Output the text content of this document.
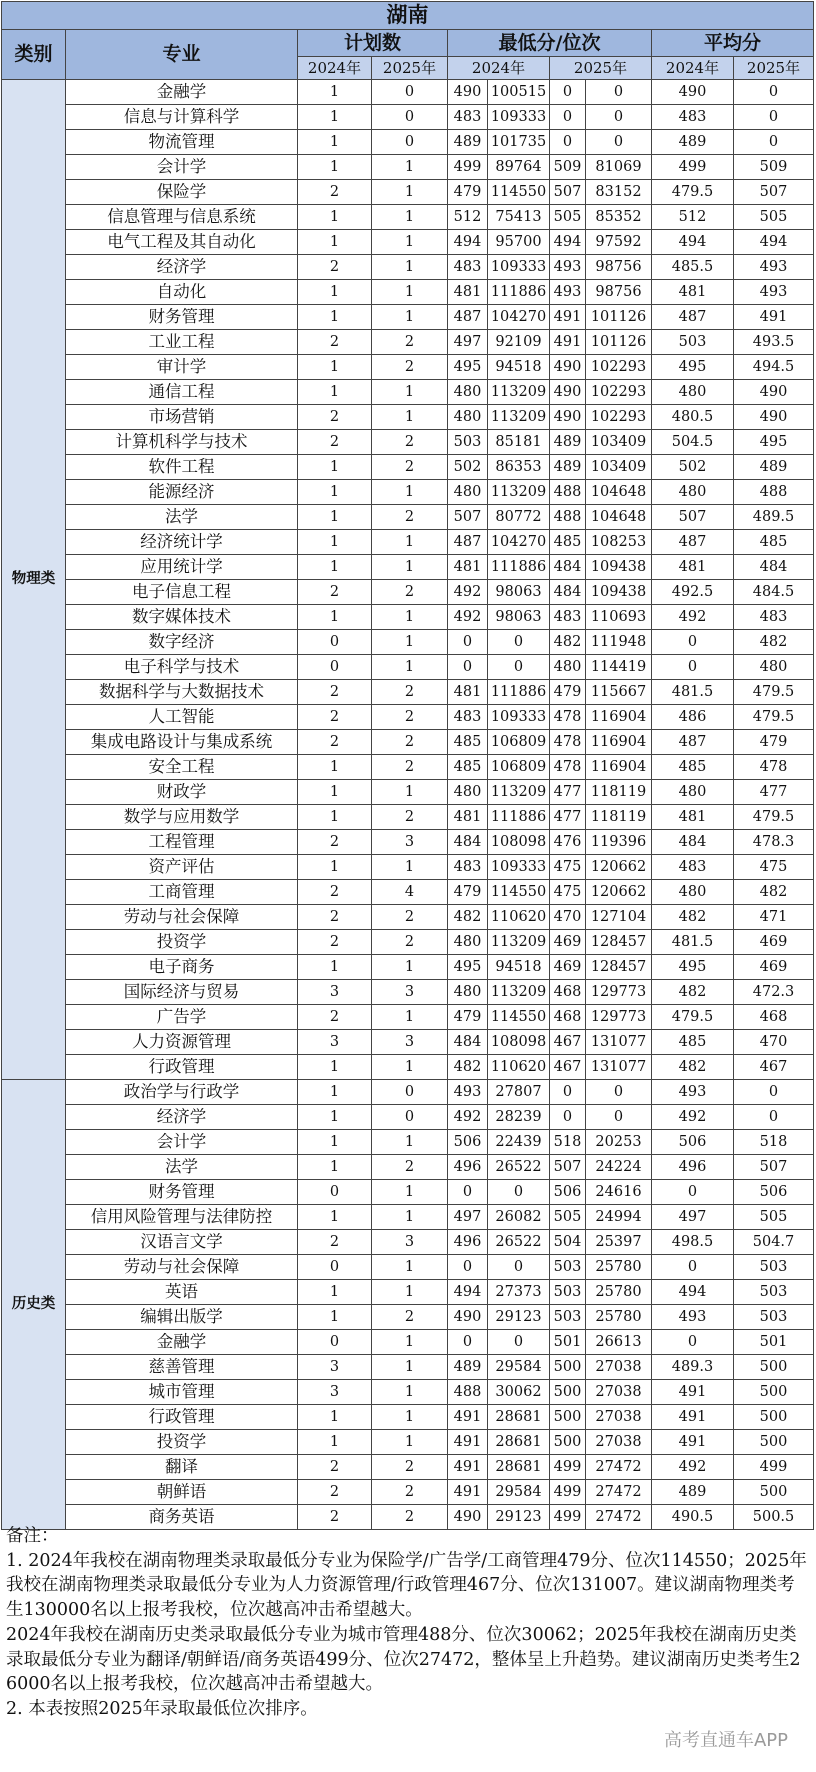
湖南									
类别	专业	计划数		最低分/位次				平均分	
		2024年	2025年	2024年		2025年		2024年	2025年
物理类	金融学	1	0	490	100515	0	0	490	0
	信息与计算科学	1	0	483	109333	0	0	483	0
	物流管理	1	0	489	101735	0	0	489	0
	会计学	1	1	499	89764	509	81069	499	509
	保险学	2	1	479	114550	507	83152	479.5	507
	信息管理与信息系统	1	1	512	75413	505	85352	512	505
	电气工程及其自动化	1	1	494	95700	494	97592	494	494
	经济学	2	1	483	109333	493	98756	485.5	493
	自动化	1	1	481	111886	493	98756	481	493
	财务管理	1	1	487	104270	491	101126	487	491
	工业工程	2	2	497	92109	491	101126	503	493.5
	审计学	1	2	495	94518	490	102293	495	494.5
	通信工程	1	1	480	113209	490	102293	480	490
	市场营销	2	1	480	113209	490	102293	480.5	490
	计算机科学与技术	2	2	503	85181	489	103409	504.5	495
	软件工程	1	2	502	86353	489	103409	502	489
	能源经济	1	1	480	113209	488	104648	480	488
	法学	1	2	507	80772	488	104648	507	489.5
	经济统计学	1	1	487	104270	485	108253	487	485
	应用统计学	1	1	481	111886	484	109438	481	484
	电子信息工程	2	2	492	98063	484	109438	492.5	484.5
	数字媒体技术	1	1	492	98063	483	110693	492	483
	数字经济	0	1	0	0	482	111948	0	482
	电子科学与技术	0	1	0	0	480	114419	0	480
	数据科学与大数据技术	2	2	481	111886	479	115667	481.5	479.5
	人工智能	2	2	483	109333	478	116904	486	479.5
	集成电路设计与集成系统	2	2	485	106809	478	116904	487	479
	安全工程	1	2	485	106809	478	116904	485	478
	财政学	1	1	480	113209	477	118119	480	477
	数学与应用数学	1	2	481	111886	477	118119	481	479.5
	工程管理	2	3	484	108098	476	119396	484	478.3
	资产评估	1	1	483	109333	475	120662	483	475
	工商管理	2	4	479	114550	475	120662	480	482
	劳动与社会保障	2	2	482	110620	470	127104	482	471
	投资学	2	2	480	113209	469	128457	481.5	469
	电子商务	1	1	495	94518	469	128457	495	469
	国际经济与贸易	3	3	480	113209	468	129773	482	472.3
	广告学	2	1	479	114550	468	129773	479.5	468
	人力资源管理	3	3	484	108098	467	131077	485	470
	行政管理	1	1	482	110620	467	131077	482	467
历史类	政治学与行政学	1	0	493	27807	0	0	493	0
	经济学	1	0	492	28239	0	0	492	0
	会计学	1	1	506	22439	518	20253	506	518
	法学	1	2	496	26522	507	24224	496	507
	财务管理	0	1	0	0	506	24616	0	506
	信用风险管理与法律防控	1	1	497	26082	505	24994	497	505
	汉语言文学	2	3	496	26522	504	25397	498.5	504.7
	劳动与社会保障	0	1	0	0	503	25780	0	503
	英语	1	1	494	27373	503	25780	494	503
	编辑出版学	1	2	490	29123	503	25780	493	503
	金融学	0	1	0	0	501	26613	0	501
	慈善管理	3	1	489	29584	500	27038	489.3	500
	城市管理	3	1	488	30062	500	27038	491	500
	行政管理	1	1	491	28681	500	27038	491	500
	投资学	1	1	491	28681	500	27038	491	500
	翻译	2	2	491	28681	499	27472	492	499
	朝鲜语	2	2	491	29584	499	27472	489	500
	商务英语	2	2	490	29123	499	27472	490.5	500.5
备注：
1. 2024年我校在湖南物理类录取最低分专业为保险学/广告学/工商管理479分、位次114550；2025年我校在湖南物理类录取最低分专业为人力资源管理/行政管理467分、位次131007。建议湖南物理类考生130000名以上报考我校，位次越高冲击希望越大。
2024年我校在湖南历史类录取最低分专业为城市管理488分、位次30062；2025年我校在湖南历史类录取最低分专业为翻译/朝鲜语/商务英语499分、位次27472，整体呈上升趋势。建议湖南历史类考生26000名以上报考我校，位次越高冲击希望越大。
2. 本表按照2025年录取最低位次排序。
高考直通车APP
